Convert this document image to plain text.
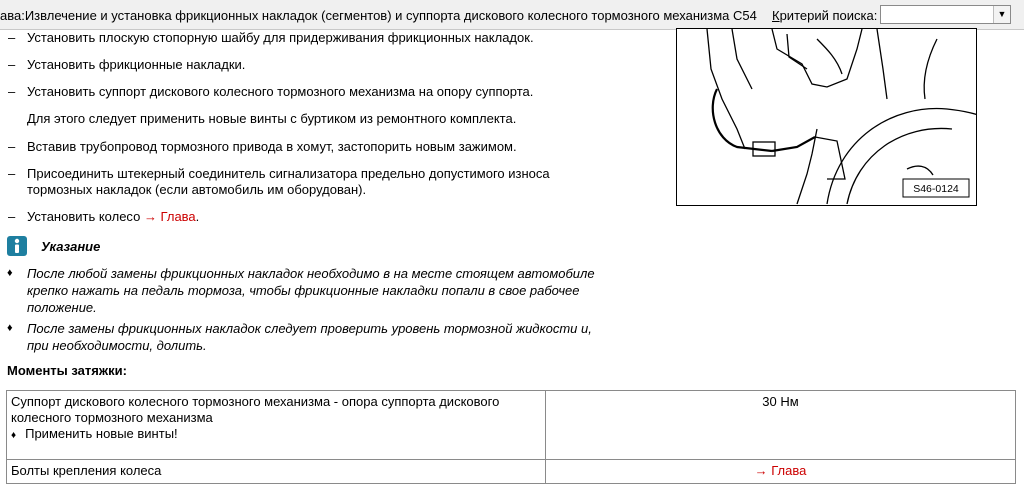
ава:Извлечение и установка фрикционных накладок (сегментов) и суппорта дискового колесного тормозного механизма C54 Критерий поиска:	▼
– Установить плоскую стопорную шайбу для придерживания фрикционных накладок.
– Установить фрикционные накладки.
– Установить суппорт дискового колесного тормозного механизма на опору суппорта.
Для этого следует применить новые винты с буртиком из ремонтного комплекта.
– Вставив трубопровод тормозного привода в хомут, застопорить новым зажимом.
– Присоединить штекерный соединитель сигнализатора предельно допустимого износа
тормозных накладок (если автомобиль им оборудован).
– Установить колесо → Глава.
S46-0124
Указание
♦ После любой замены фрикционных накладок необходимо в на месте стоящем автомобиле
крепко нажать на педаль тормоза, чтобы фрикционные накладки попали в свое рабочее
положение.
♦ После замены фрикционных накладок следует проверить уровень тормозной жидкости и,
при необходимости, долить.
Моменты затяжки:
Суппорт дискового колесного тормозного механизма - опора суппорта дискового
колесного тормозного механизма
♦ Применить новые винты!	30 Нм

Болты крепления колеса	→ Глава
